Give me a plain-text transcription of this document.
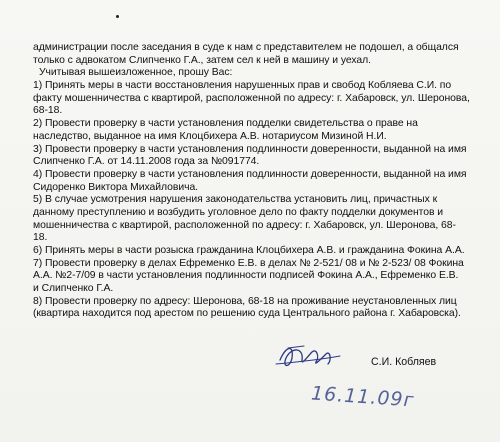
администрации после заседания в суде к нам с представителем не подошел, а общался
только с адвокатом Слипченко Г.А., затем сел к ней в машину и уехал.
Учитывая вышеизложенное, прошу Вас:
1) Принять меры в части восстановления нарушенных прав и свобод Кобляева С.И. по
факту мошенничества с квартирой, расположенной по адресу: г. Хабаровск, ул. Шеронова,
68-18.
2) Провести проверку в части установления подделки свидетельства о праве на
наследство, выданное на имя Клоцбихера А.В. нотариусом Мизиной Н.И.
3) Провести проверку в части установления подлинности доверенности, выданной на имя
Слипченко Г.А. от 14.11.2008 года за №091774.
4) Провести проверку в части установления подлинности доверенности, выданной на имя
Сидоренко Виктора Михайловича.
5) В случае усмотрения нарушения законодательства установить лиц, причастных к
данному преступлению и возбудить уголовное дело по факту подделки документов и
мошенничества с квартирой, расположенной по адресу: г. Хабаровск, ул. Шеронова, 68-
18.
6) Принять меры в части розыска гражданина Клоцбихера А.В. и гражданина Фокина А.А.
7) Провести проверку в делах Ефременко Е.В. в делах № 2-521/ 08 и № 2-523/ 08 Фокина
А.А. №2-7/09 в части установления подлинности подписей Фокина А.А., Ефременко Е.В.
и Слипченко Г.А.
8) Провести проверку по адресу: Шеронова, 68-18 на проживание неустановленных лиц
(квартира находится под арестом по решению суда Центрального района г. Хабаровска).
С.И. Кобляев
16.11.09г
